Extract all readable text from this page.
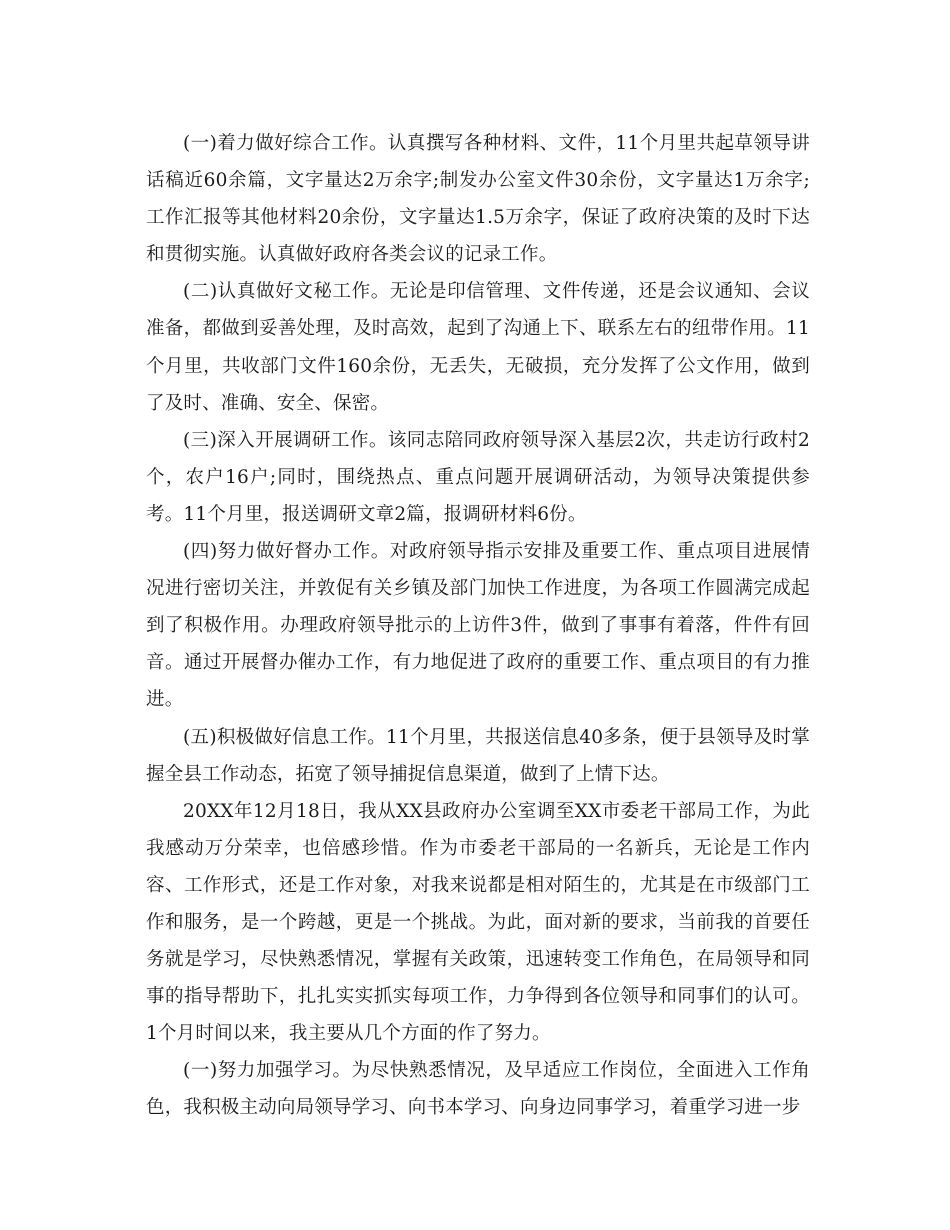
(一)着力做好综合工作。认真撰写各种材料、文件，11个月里共起草领导讲话稿近60余篇，文字量达2万余字;制发办公室文件30余份，文字量达1万余字;工作汇报等其他材料20余份，文字量达1.5万余字，保证了政府决策的及时下达和贯彻实施。认真做好政府各类会议的记录工作。

(二)认真做好文秘工作。无论是印信管理、文件传递，还是会议通知、会议准备，都做到妥善处理，及时高效，起到了沟通上下、联系左右的纽带作用。11个月里，共收部门文件160余份，无丢失，无破损，充分发挥了公文作用，做到了及时、准确、安全、保密。

(三)深入开展调研工作。该同志陪同政府领导深入基层2次，共走访行政村2个，农户16户;同时，围绕热点、重点问题开展调研活动，为领导决策提供参考。11个月里，报送调研文章2篇，报调研材料6份。

(四)努力做好督办工作。对政府领导指示安排及重要工作、重点项目进展情况进行密切关注，并敦促有关乡镇及部门加快工作进度，为各项工作圆满完成起到了积极作用。办理政府领导批示的上访件3件，做到了事事有着落，件件有回音。通过开展督办催办工作，有力地促进了政府的重要工作、重点项目的有力推进。

(五)积极做好信息工作。11个月里，共报送信息40多条，便于县领导及时掌握全县工作动态，拓宽了领导捕捉信息渠道，做到了上情下达。

20XX年12月18日，我从XX县政府办公室调至XX市委老干部局工作，为此我感动万分荣幸，也倍感珍惜。作为市委老干部局的一名新兵，无论是工作内容、工作形式，还是工作对象，对我来说都是相对陌生的，尤其是在市级部门工作和服务，是一个跨越，更是一个挑战。为此，面对新的要求，当前我的首要任务就是学习，尽快熟悉情况，掌握有关政策，迅速转变工作角色，在局领导和同事的指导帮助下，扎扎实实抓实每项工作，力争得到各位领导和同事们的认可。1个月时间以来，我主要从几个方面的作了努力。

(一)努力加强学习。为尽快熟悉情况，及早适应工作岗位，全面进入工作角色，我积极主动向局领导学习、向书本学习、向身边同事学习，着重学习进一步
